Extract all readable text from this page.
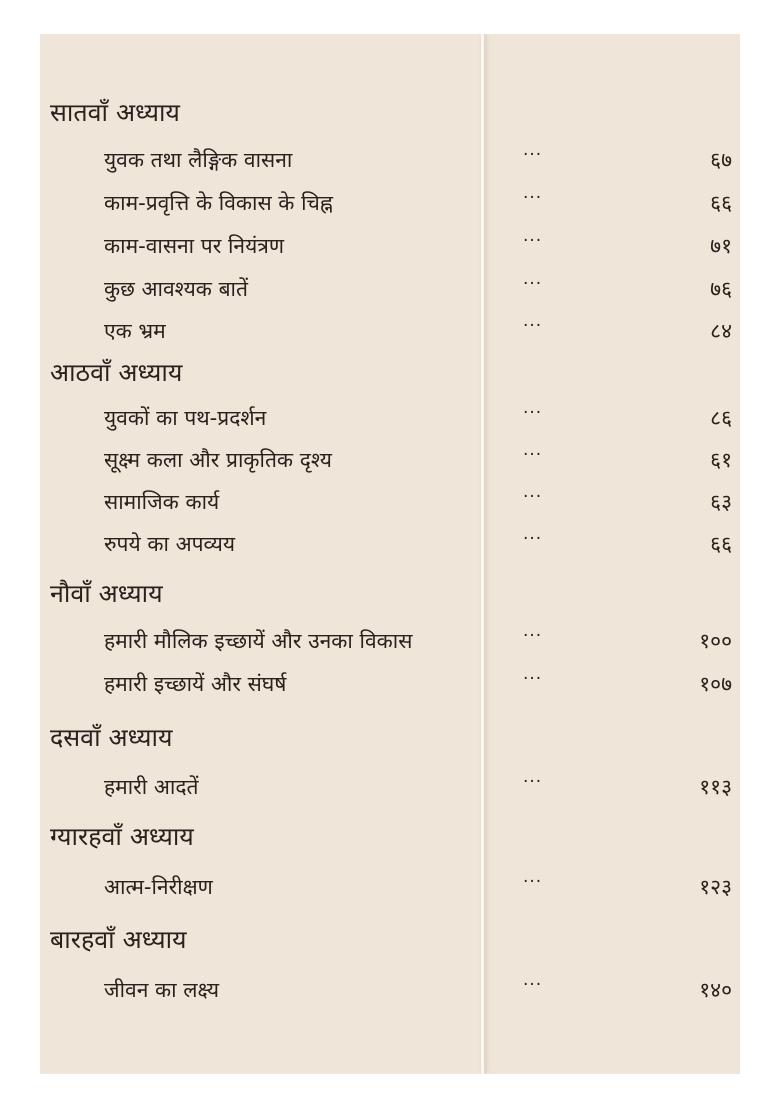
सातवाँ अध्याय
युवक तथा लैङ्गिक वासना	...	६७
काम-प्रवृत्ति के विकास के चिह्न	...	६६
काम-वासना पर नियंत्रण	...	७१
कुछ आवश्यक बातें	...	७६
एक भ्रम	...	८४
आठवाँ अध्याय
युवकों का पथ-प्रदर्शन	...	८६
सूक्ष्म कला और प्राकृतिक दृश्य	...	६१
सामाजिक कार्य	...	६३
रुपये का अपव्यय	...	६६
नौवाँ अध्याय
हमारी मौलिक इच्छायें और उनका विकास	...	१००
हमारी इच्छायें और संघर्ष	...	१०७
दसवाँ अध्याय
हमारी आदतें	...	११३
ग्यारहवाँ अध्याय
आत्म-निरीक्षण	...	१२३
बारहवाँ अध्याय
जीवन का लक्ष्य	...	१४०
